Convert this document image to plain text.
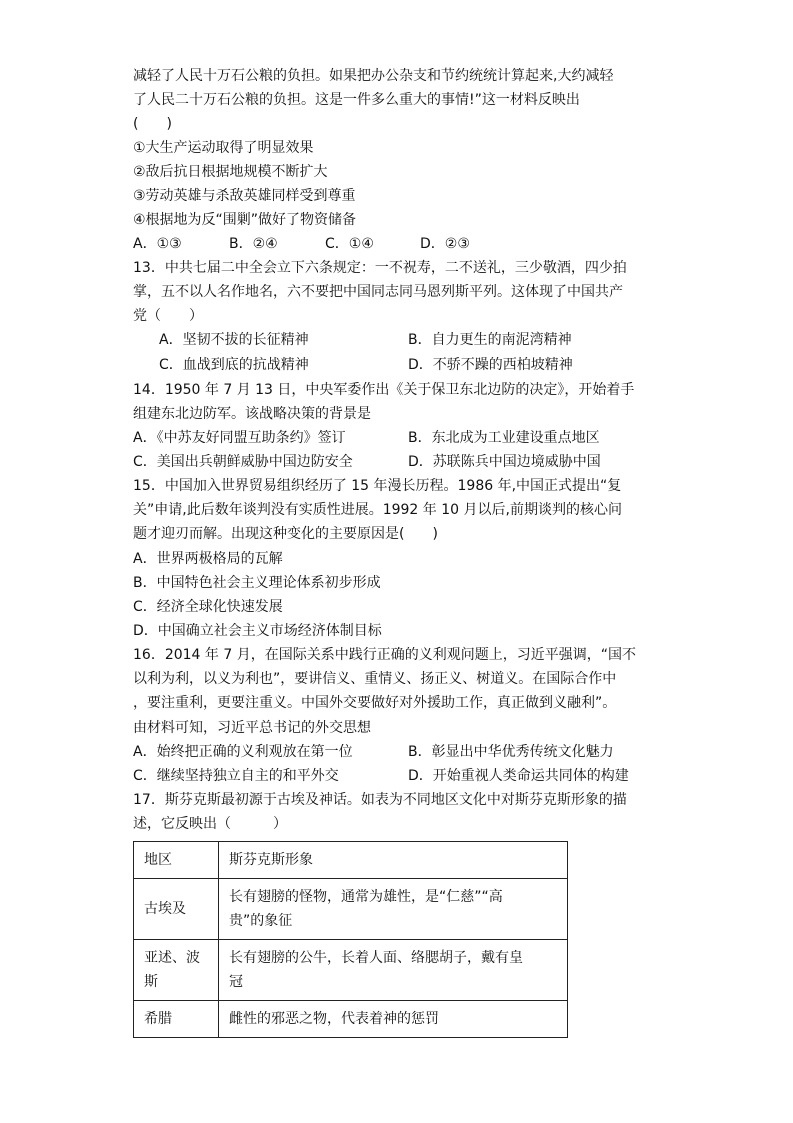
减轻了人民十万石公粮的负担。如果把办公杂支和节约统统计算起来,大约减轻
了人民二十万石公粮的负担。这是一件多么重大的事情!”这一材料反映出
(　　)
①大生产运动取得了明显效果
②敌后抗日根据地规模不断扩大
③劳动英雄与杀敌英雄同样受到尊重
④根据地为反“围剿”做好了物资储备
A．①③	B．②④	C．①④	D．②③
13．中共七届二中全会立下六条规定：一不祝寿，二不送礼，三少敬酒，四少拍
掌，五不以人名作地名，六不要把中国同志同马恩列斯平列。这体现了中国共产
党（　　）
A．坚韧不拔的长征精神	B．自力更生的南泥湾精神
C．血战到底的抗战精神	D．不骄不躁的西柏坡精神
14．1950 年 7 月 13 日，中央军委作出《关于保卫东北边防的决定》，开始着手
组建东北边防军。该战略决策的背景是
A．《中苏友好同盟互助条约》签订	B．东北成为工业建设重点地区
C．美国出兵朝鲜威胁中国边防安全	D．苏联陈兵中国边境威胁中国
15．中国加入世界贸易组织经历了 15 年漫长历程。1986 年,中国正式提出“复
关”申请,此后数年谈判没有实质性进展。1992 年 10 月以后,前期谈判的核心问
题才迎刃而解。出现这种变化的主要原因是(　　)
A．世界两极格局的瓦解
B．中国特色社会主义理论体系初步形成
C．经济全球化快速发展
D．中国确立社会主义市场经济体制目标
16．2014 年 7 月，在国际关系中践行正确的义利观问题上，习近平强调，“国不
以利为利，以义为利也”，要讲信义、重情义、扬正义、树道义。在国际合作中
，要注重利，更要注重义。中国外交要做好对外援助工作，真正做到义融利”。
由材料可知，习近平总书记的外交思想
A．始终把正确的义利观放在第一位	B．彰显出中华优秀传统文化魅力
C．继续坚持独立自主的和平外交	D．开始重视人类命运共同体的构建
17．斯芬克斯最初源于古埃及神话。如表为不同地区文化中对斯芬克斯形象的描
述，它反映出（　　　）
地区	斯芬克斯形象
古埃及	长有翅膀的怪物，通常为雄性，是“仁慈”“高
贵”的象征
亚述、波
斯	长有翅膀的公牛，长着人面、络腮胡子，戴有皇
冠
希腊	雌性的邪恶之物，代表着神的惩罚
